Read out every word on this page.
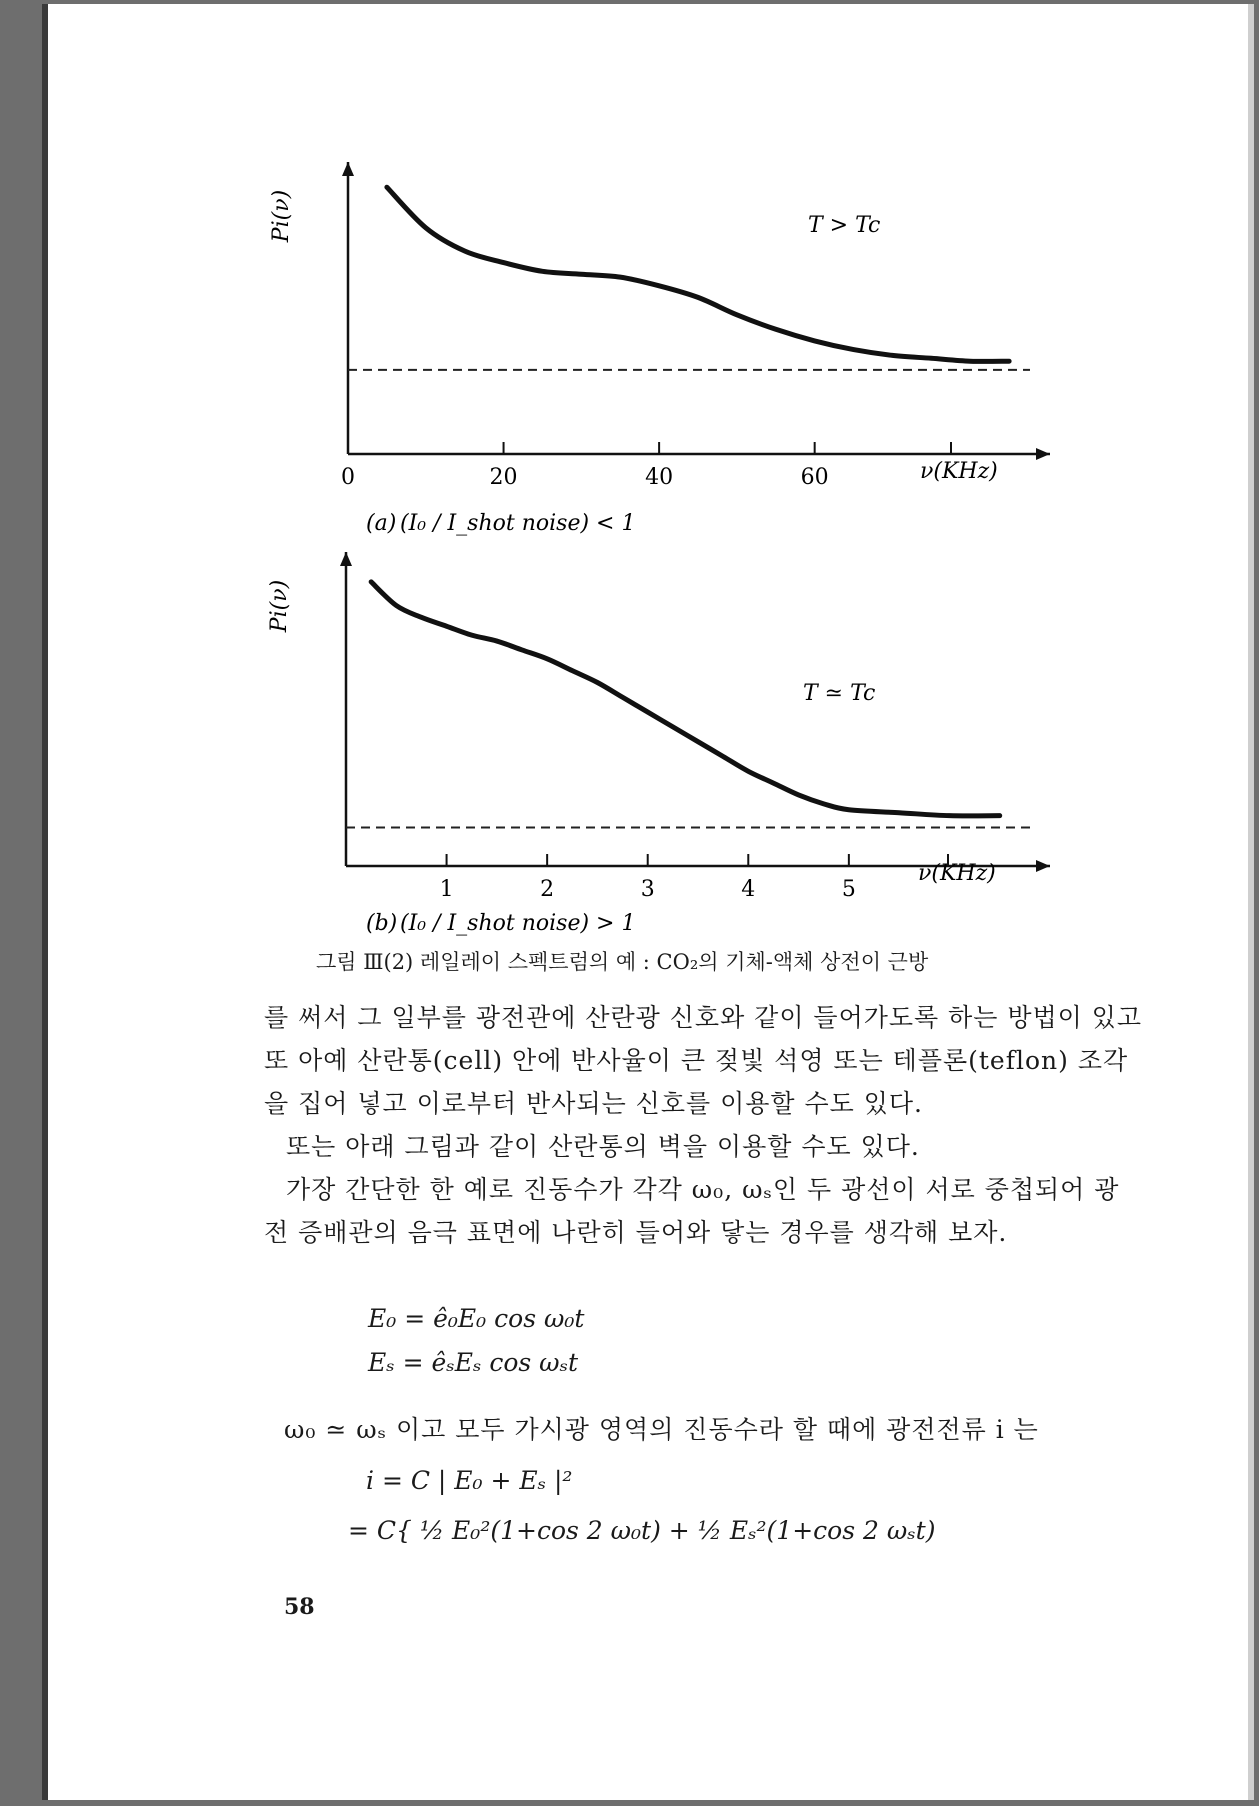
Pi(ν)	T > Tc
ν(KHz)
0	20	40	60
(a) (I₀ / I_shot noise) < 1
Pi(ν)
T ≃ Tc
ν(KHz)
1	2	3	4	5
(b) (I₀ / I_shot noise) > 1
그림 Ⅲ(2) 레일레이 스펙트럼의 예 : CO₂의 기체-액체 상전이 근방

를 써서 그 일부를 광전관에 산란광 신호와 같이 들어가도록 하는 방법이 있고 또 아예 산란통(cell) 안에 반사율이 큰 젖빛 석영 또는 테플론(teflon) 조각을 집어 넣고 이로부터 반사되는 신호를 이용할 수도 있다.

또는 아래 그림과 같이 산란통의 벽을 이용할 수도 있다.

가장 간단한 한 예로 진동수가 각각 ω₀, ωₛ인 두 광선이 서로 중첩되어 광전 증배관의 음극 표면에 나란히 들어와 닿는 경우를 생각해 보자.

E₀ = ê₀E₀ cos ω₀t
Eₛ = êₛEₛ cos ωₛt
ω₀ ≃ ωₛ 이고 모두 가시광 영역의 진동수라 할 때에 광전전류 i 는
i = C | E₀ + Eₛ |²
= C{ ½ E₀²(1+cos 2 ω₀t) + ½ Eₛ²(1+cos 2 ωₛt)
58
